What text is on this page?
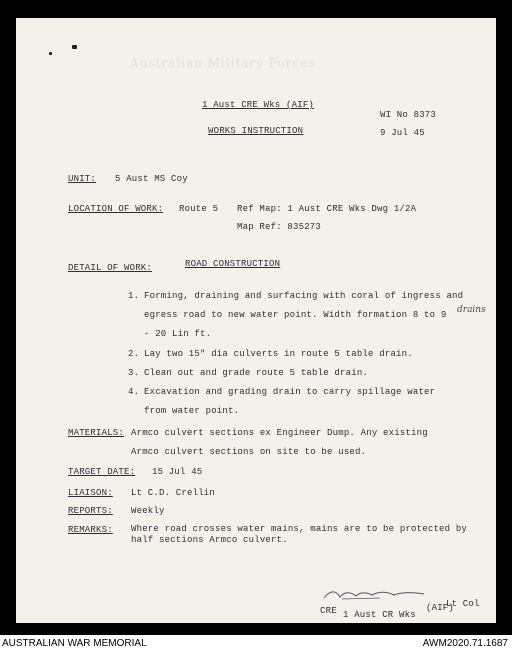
Australian Military Forces
1 Aust CRE Wks (AIF)
WI No 8373
WORKS INSTRUCTION	9 Jul 45
UNIT: 5 Aust MS Coy
LOCATION OF WORK: Route 5 Ref Map: 1 Aust CRE Wks Dwg 1/2A
Map Ref: 835273
DETAIL OF WORK:	ROAD CONSTRUCTION
1. Forming, draining and surfacing with coral of ingress and
egress road to new water point. Width formation 8 to 9 drains
- 20 Lin ft.
2. Lay two 15" dia culverts in route 5 table drain.
3. Clean out and grade route 5 table drain.
4. Excavation and grading drain to carry spillage water
from water point.
MATERIALS: Armco culvert sections ex Engineer Dump. Any existing
Armco culvert sections on site to be used.
TARGET DATE: 15 Jul 45
LIAISON: Lt C.D. Crellin
REPORTS: Weekly
REMARKS: Where road crosses water mains, mains are to be protected by
half sections Armco culvert.
Lt Col
CRE 1 Aust CR Wks
(AIF)
AUSTRALIAN WAR MEMORIAL	AWM2020.71.1687
